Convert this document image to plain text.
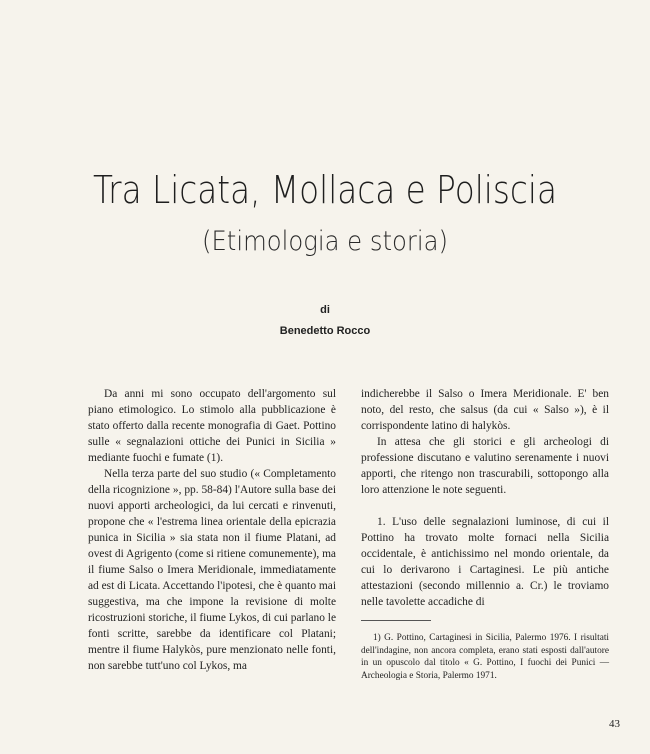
Tra Licata, Mollaca e Poliscia
(Etimologia e storia)
di
Benedetto Rocco

Da anni mi sono occupato dell'argomento sul piano etimologico. Lo stimolo alla pubblicazione è stato offerto dalla recente monografia di Gaet. Pottino sulle « segnalazioni ottiche dei Punici in Sicilia » mediante fuochi e fumate (1).

Nella terza parte del suo studio (« Completamento della ricognizione », pp. 58-84) l'Autore sulla base dei nuovi apporti archeologici, da lui cercati e rinvenuti, propone che « l'estrema linea orientale della epicrazia punica in Sicilia » sia stata non il fiume Platani, ad ovest di Agrigento (come si ritiene comunemente), ma il fiume Salso o Imera Meridionale, immediatamente ad est di Licata. Accettando l'ipotesi, che è quanto mai suggestiva, ma che impone la revisione di molte ricostruzioni storiche, il fiume Lykos, di cui parlano le fonti scritte, sarebbe da identificare col Platani; mentre il fiume Halykòs, pure menzionato nelle fonti, non sarebbe tutt'uno col Lykos, ma

indicherebbe il Salso o Imera Meridionale. E' ben noto, del resto, che salsus (da cui « Salso »), è il corrispondente latino di halykòs.

In attesa che gli storici e gli archeologi di professione discutano e valutino serenamente i nuovi apporti, che ritengo non trascurabili, sottopongo alla loro attenzione le note seguenti.

1. L'uso delle segnalazioni luminose, di cui il Pottino ha trovato molte fornaci nella Sicilia occidentale, è antichissimo nel mondo orientale, da cui lo derivarono i Cartaginesi. Le più antiche attestazioni (secondo millennio a. Cr.) le troviamo nelle tavolette accadiche di

1) G. Pottino, Cartaginesi in Sicilia, Palermo 1976. I risultati dell'indagine, non ancora completa, erano stati esposti dall'autore in un opuscolo dal titolo « G. Pottino, I fuochi dei Punici — Archeologia e Storia, Palermo 1971.

43
